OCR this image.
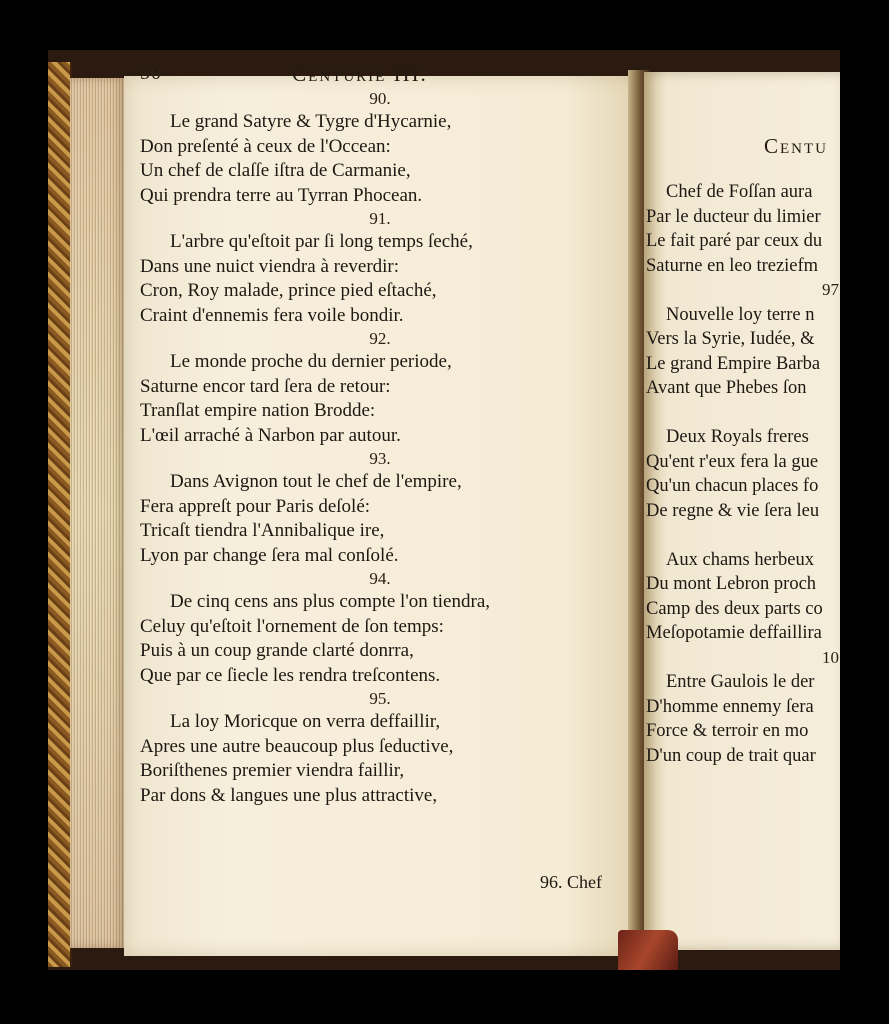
Centu
Chef de Foſſan aura
Par le ducteur du limier
Le fait paré par ceux du
Saturne en leo treziefm
97
Nouvelle loy terre n
Vers la Syrie, Iudée, &
Le grand Empire Barba
Avant que Phebes ſon
Deux Royals freres
Qu'ent r'eux fera la gue
Qu'un chacun places fo
De regne & vie ſera leu
Aux chams herbeux
Du mont Lebron proch
Camp des deux parts co
Meſopotamie deffaillira
10
Entre Gaulois le der
D'homme ennemy ſera
Force & terroir en mo
D'un coup de trait quar
50	Centurie III.
90.
Le grand Satyre & Tygre d'Hycarnie,
Don preſenté à ceux de l'Occean:
Un chef de claſſe iſtra de Carmanie,
Qui prendra terre au Tyrran Phocean.
91.
L'arbre qu'eſtoit par ſi long temps ſeché,
Dans une nuict viendra à reverdir:
Cron, Roy malade, prince pied eſtaché,
Craint d'ennemis fera voile bondir.
92.
Le monde proche du dernier periode,
Saturne encor tard ſera de retour:
Tranſlat empire nation Brodde:
L'œil arraché à Narbon par autour.
93.
Dans Avignon tout le chef de l'empire,
Fera appreſt pour Paris deſolé:
Tricaſt tiendra l'Annibalique ire,
Lyon par change ſera mal conſolé.
94.
De cinq cens ans plus compte l'on tiendra,
Celuy qu'eſtoit l'ornement de ſon temps:
Puis à un coup grande clarté donrra,
Que par ce ſiecle les rendra treſcontens.
95.
La loy Moricque on verra deffaillir,
Apres une autre beaucoup plus ſeductive,
Boriſthenes premier viendra faillir,
Par dons & langues une plus attractive,
96. Chef
